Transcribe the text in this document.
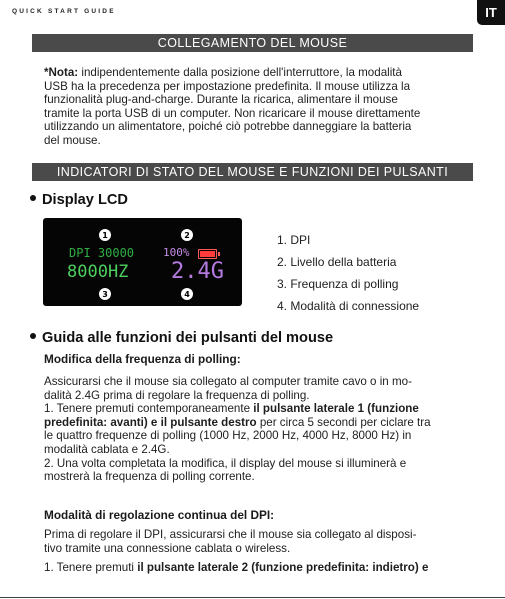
QUICK START GUIDE	IT
COLLEGAMENTO DEL MOUSE
*Nota: indipendentemente dalla posizione dell'interruttore, la modalità
USB ha la precedenza per impostazione predefinita. Il mouse utilizza la
funzionalità plug-and-charge. Durante la ricarica, alimentare il mouse
tramite la porta USB di un computer. Non ricaricare il mouse direttamente
utilizzando un alimentatore, poiché ciò potrebbe danneggiare la batteria
del mouse.
INDICATORI DI STATO DEL MOUSE E FUNZIONI DEI PULSANTI
Display LCD
1	2
DPI 30000	100%
8000HZ 2.4G
3	4
1. DPI
2. Livello della batteria
3. Frequenza di polling
4. Modalità di connessione
Guida alle funzioni dei pulsanti del mouse
Modifica della frequenza di polling:
Assicurarsi che il mouse sia collegato al computer tramite cavo o in mo-
dalità 2.4G prima di regolare la frequenza di polling.
1. Tenere premuti contemporaneamente il pulsante laterale 1 (funzione
predefinita: avanti) e il pulsante destro per circa 5 secondi per ciclare tra
le quattro frequenze di polling (1000 Hz, 2000 Hz, 4000 Hz, 8000 Hz) in
modalità cablata e 2.4G.
2. Una volta completata la modifica, il display del mouse si illuminerà e
mostrerà la frequenza di polling corrente.
Modalità di regolazione continua del DPI:
Prima di regolare il DPI, assicurarsi che il mouse sia collegato al disposi-
tivo tramite una connessione cablata o wireless.
1. Tenere premuti il pulsante laterale 2 (funzione predefinita: indietro) e
